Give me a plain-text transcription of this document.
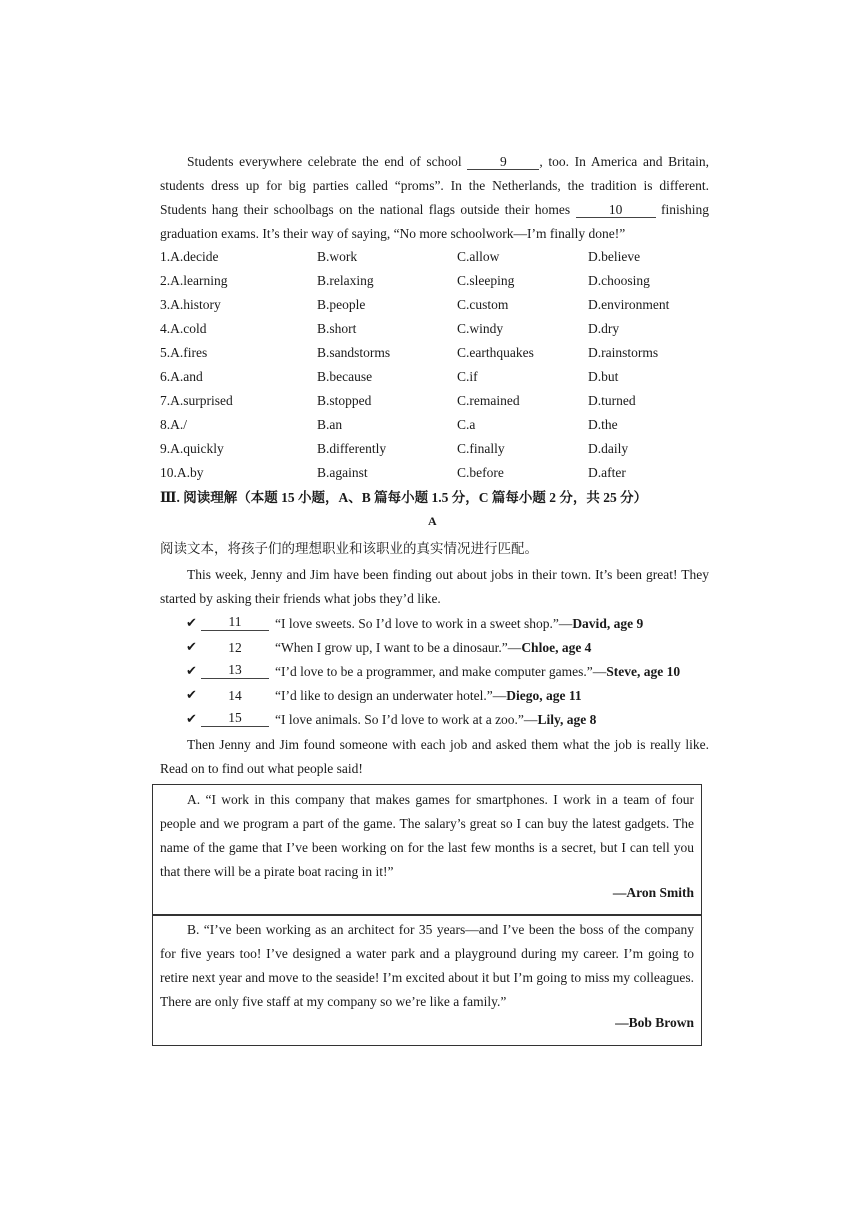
Students everywhere celebrate the end of school	9 , too. In America and Britain, students dress up for big parties called “proms”. In the Netherlands, the tradition is different. Students hang their schoolbags on the national flags outside their homes	10	finishing graduation exams. It’s their way of saying, “No more schoolwork—I’m finally done!”
1.A.decide	B.work	C.allow	D.believe
2.A.learning	B.relaxing	C.sleeping	D.choosing
3.A.history	B.people	C.custom	D.environment
4.A.cold	B.short	C.windy	D.dry
5.A.fires	B.sandstorms	C.earthquakes	D.rainstorms
6.A.and	B.because	C.if	D.but
7.A.surprised	B.stopped	C.remained	D.turned
8.A./	B.an	C.a	D.the
9.A.quickly	B.differently	C.finally	D.daily
10.A.by	B.against	C.before	D.after
Ⅲ. 阅读理解（本题 15 小题，A、B 篇每小题 1.5 分，C 篇每小题 2 分，共 25 分）
A
阅读文本，将孩子们的理想职业和该职业的真实情况进行匹配。
This week, Jenny and Jim have been finding out about jobs in their town. It’s been great! They started by asking their friends what jobs they’d like.
✔	11	“I love sweets. So I’d love to work in a sweet shop.”—David, age 9
✔	12	“When I grow up, I want to be a dinosaur.”—Chloe, age 4
✔	13	“I’d love to be a programmer, and make computer games.”—Steve, age 10
✔	14	“I’d like to design an underwater hotel.”—Diego, age 11
✔	15	“I love animals. So I’d love to work at a zoo.”—Lily, age 8
Then Jenny and Jim found someone with each job and asked them what the job is really like. Read on to find out what people said!
A. “I work in this company that makes games for smartphones. I work in a team of four people and we program a part of the game. The salary’s great so I can buy the latest gadgets. The name of the game that I’ve been working on for the last few months is a secret, but I can tell you that there will be a pirate boat racing in it!”
—Aron Smith
B. “I’ve been working as an architect for 35 years—and I’ve been the boss of the company for five years too! I’ve designed a water park and a playground during my career. I’m going to retire next year and move to the seaside! I’m excited about it but I’m going to miss my colleagues. There are only five staff at my company so we’re like a family.”
—Bob Brown
